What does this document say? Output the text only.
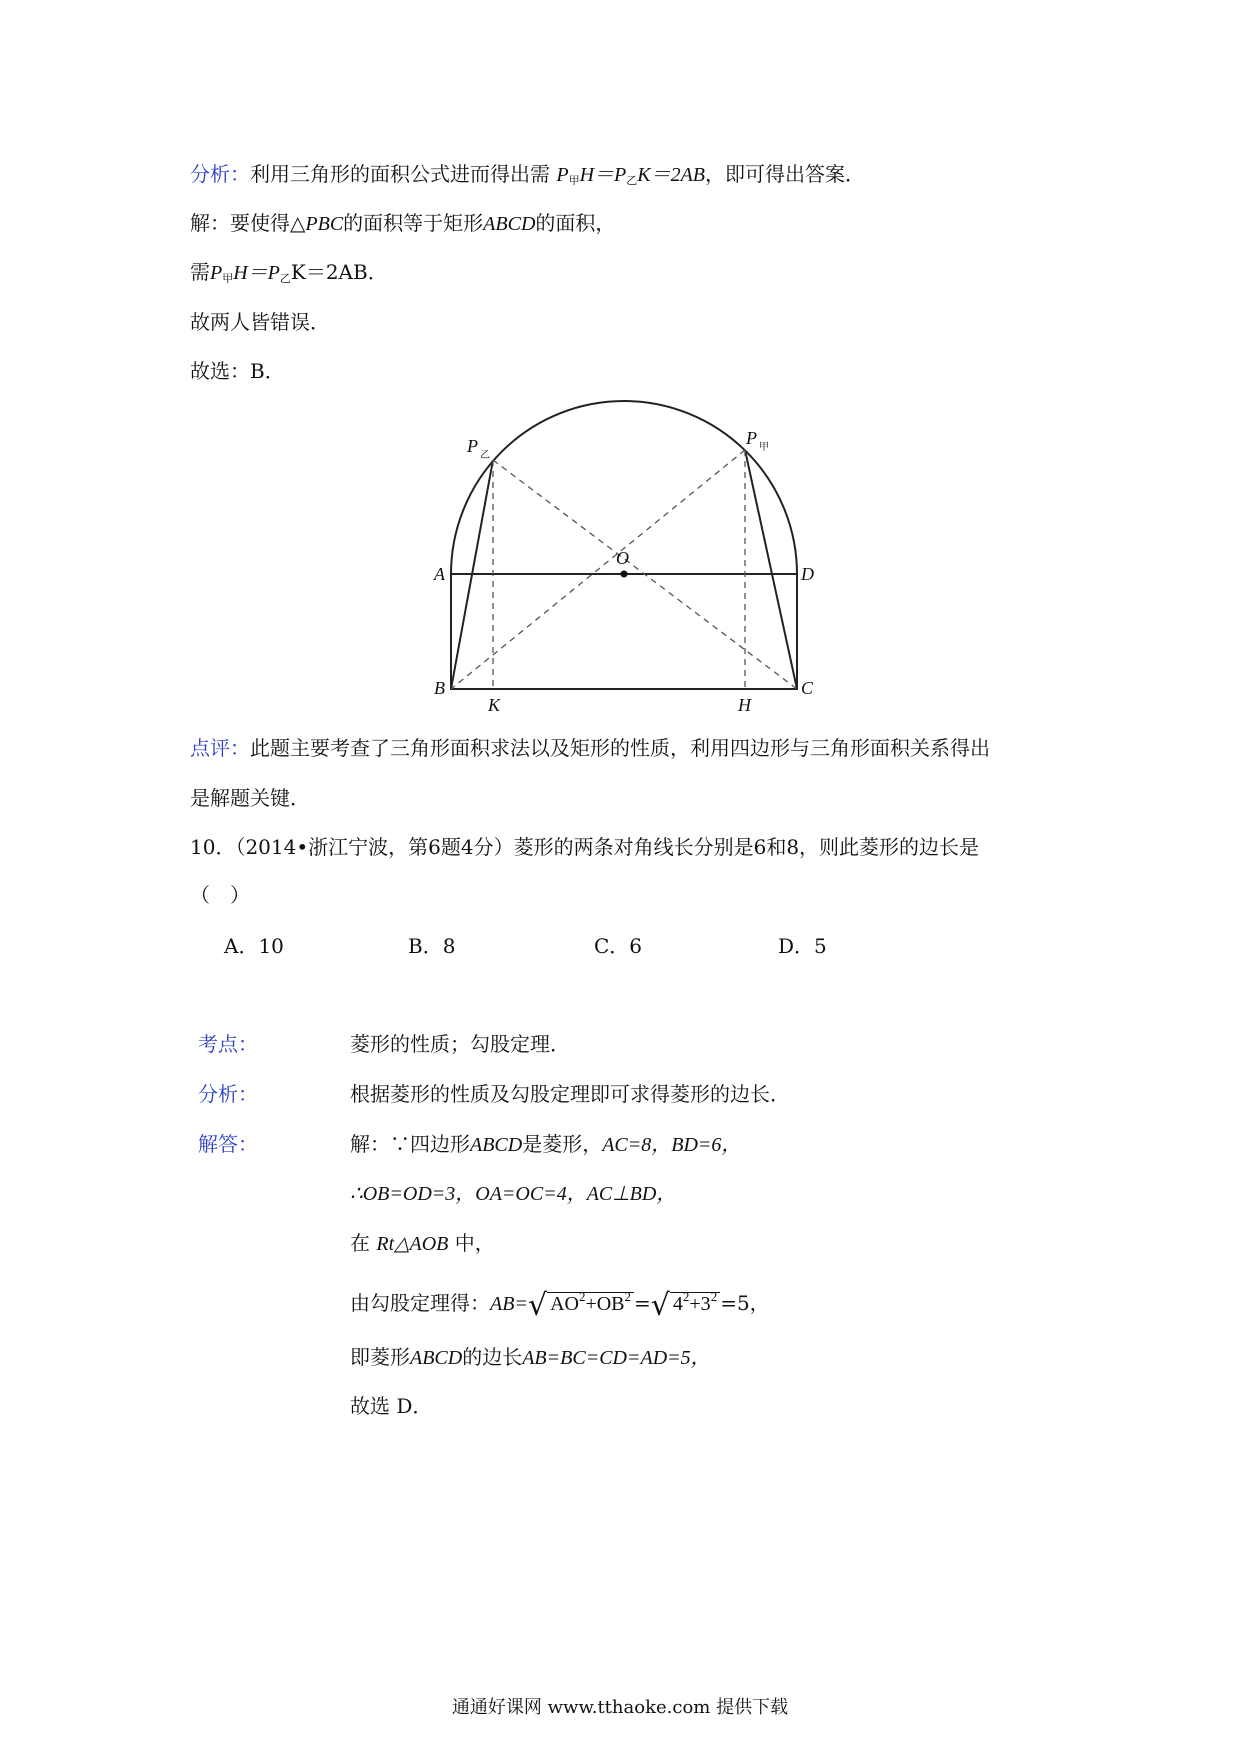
分析：利用三角形的面积公式进而得出需 $P_甲H=P_乙K=2AB$，即可得出答案．
解：要使得△PBC的面积等于矩形ABCD的面积，
需$P_甲H=P_乙K=2AB$．
故两人皆错误．
故选：B．
P 乙
P 甲
O
A	D
B	C
K	H
点评：此题主要考查了三角形面积求法以及矩形的性质，利用四边形与三角形面积关系得出
是解题关键．
10．（2014•浙江宁波，第6题4分）菱形的两条对角线长分别是6和8，则此菱形的边长是
（　）
A．10	B．8	C．6	D．5
考点：	菱形的性质；勾股定理．
分析：	根据菱形的性质及勾股定理即可求得菱形的边长．
解答：	解：∵四边形ABCD是菱形，AC=8，BD=6，
∴OB=OD=3，OA=OC=4，AC⊥BD，
在 Rt△AOB 中，
由勾股定理得：AB=√ $AO^2+OB^2$ =√ $4^2+3^2 =5$，
即菱形ABCD的边长AB=BC=CD=AD=5，
故选 D．
通通好课网 www.tthaoke.com 提供下载
